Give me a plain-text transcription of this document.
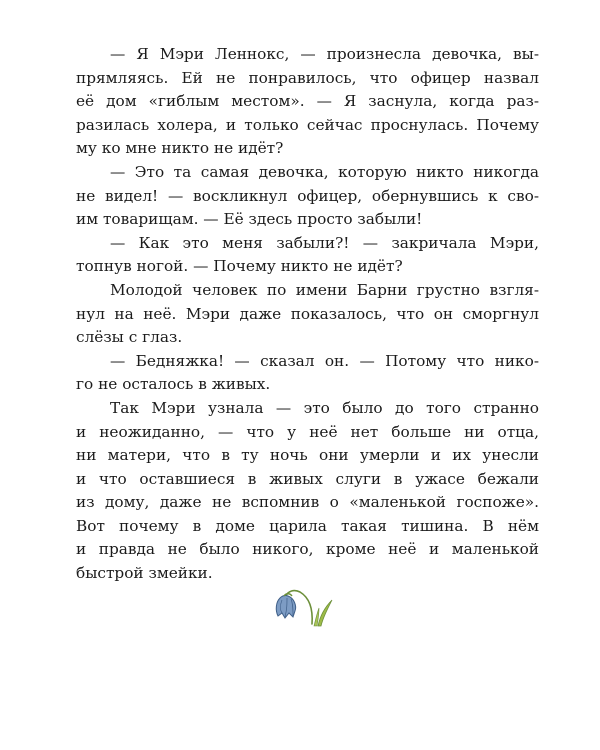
— Я Мэри Леннокс, — произнесла девочка, вы-
прямляясь. Ей не понравилось, что офицер назвал
её дом «гиблым местом». — Я заснула, когда раз-
разилась холера, и только сейчас проснулась. Почему
му ко мне никто не идёт?

— Это та самая девочка, которую никто никогда
не видел! — воскликнул офицер, обернувшись к сво-
им товарищам. — Её здесь просто забыли!

— Как это меня забыли?! — закричала Мэри,
топнув ногой. — Почему никто не идёт?

Молодой человек по имени Барни грустно взгля-
нул на неё. Мэри даже показалось, что он сморгнул
слёзы с глаз.

— Бедняжка! — сказал он. — Потому что нико-
го не осталось в живых.

Так Мэри узнала — это было до того странно
и неожиданно, — что у неё нет больше ни отца,
ни матери, что в ту ночь они умерли и их унесли
и что оставшиеся в живых слуги в ужасе бежали
из дому, даже не вспомнив о «маленькой госпоже».
Вот почему в доме царила такая тишина. В нём
и правда не было никого, кроме неё и маленькой
быстрой змейки.
